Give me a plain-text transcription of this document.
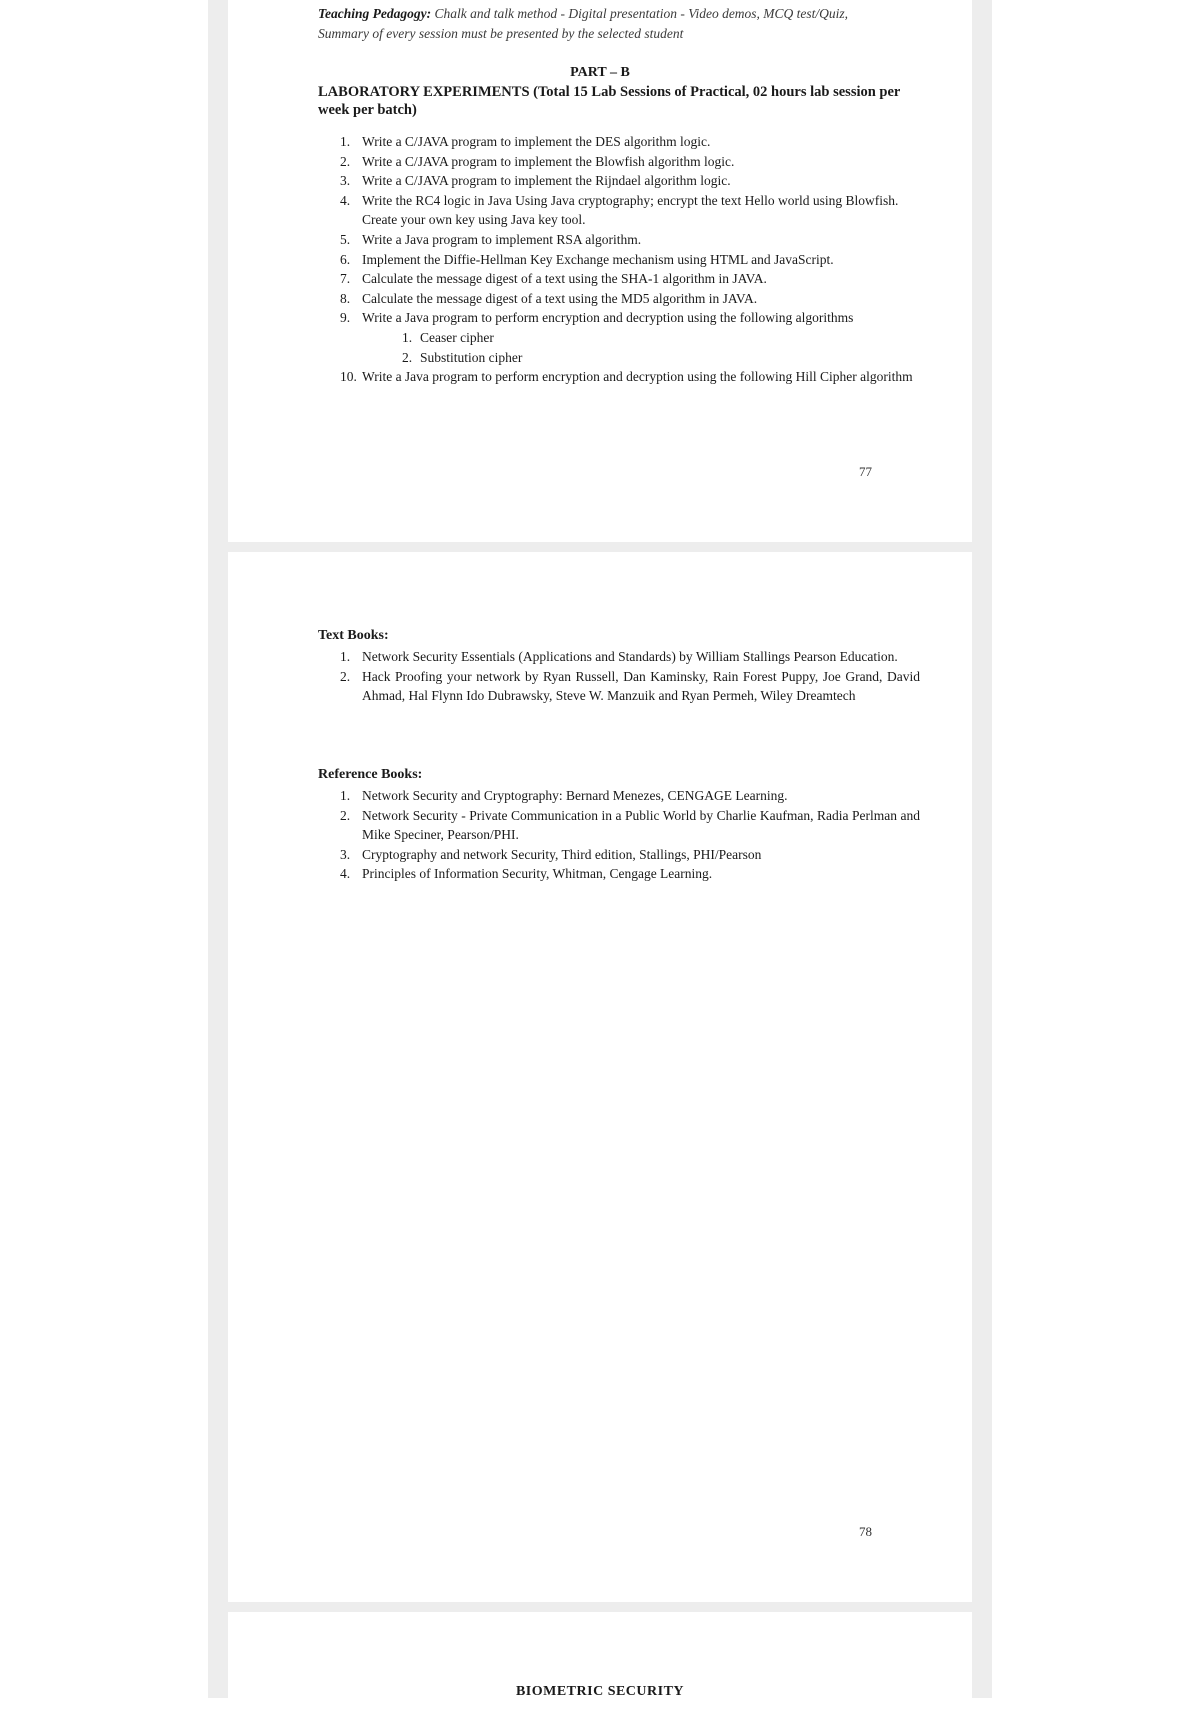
Teaching Pedagogy: Chalk and talk method - Digital presentation - Video demos, MCQ test/Quiz,
Summary of every session must be presented by the selected student
PART – B
LABORATORY EXPERIMENTS (Total 15 Lab Sessions of Practical, 02 hours lab session per week per batch)
1. Write a C/JAVA program to implement the DES algorithm logic.
2. Write a C/JAVA program to implement the Blowfish algorithm logic.
3. Write a C/JAVA program to implement the Rijndael algorithm logic.
4. Write the RC4 logic in Java Using Java cryptography; encrypt the text Hello world using Blowfish. Create your own key using Java key tool.
5. Write a Java program to implement RSA algorithm.
6. Implement the Diffie-Hellman Key Exchange mechanism using HTML and JavaScript.
7. Calculate the message digest of a text using the SHA-1 algorithm in JAVA.
8. Calculate the message digest of a text using the MD5 algorithm in JAVA.
9. Write a Java program to perform encryption and decryption using the following algorithms
1. Ceaser cipher
2. Substitution cipher
10. Write a Java program to perform encryption and decryption using the following Hill Cipher algorithm
77
Text Books:
1. Network Security Essentials (Applications and Standards) by William Stallings Pearson Education.
2. Hack Proofing your network by Ryan Russell, Dan Kaminsky, Rain Forest Puppy, Joe Grand, David Ahmad, Hal Flynn Ido Dubrawsky, Steve W. Manzuik and Ryan Permeh, Wiley Dreamtech
Reference Books:
1. Network Security and Cryptography: Bernard Menezes, CENGAGE Learning.
2. Network Security - Private Communication in a Public World by Charlie Kaufman, Radia Perlman and Mike Speciner, Pearson/PHI.
3. Cryptography and network Security, Third edition, Stallings, PHI/Pearson
4. Principles of Information Security, Whitman, Cengage Learning.
78
BIOMETRIC SECURITY
